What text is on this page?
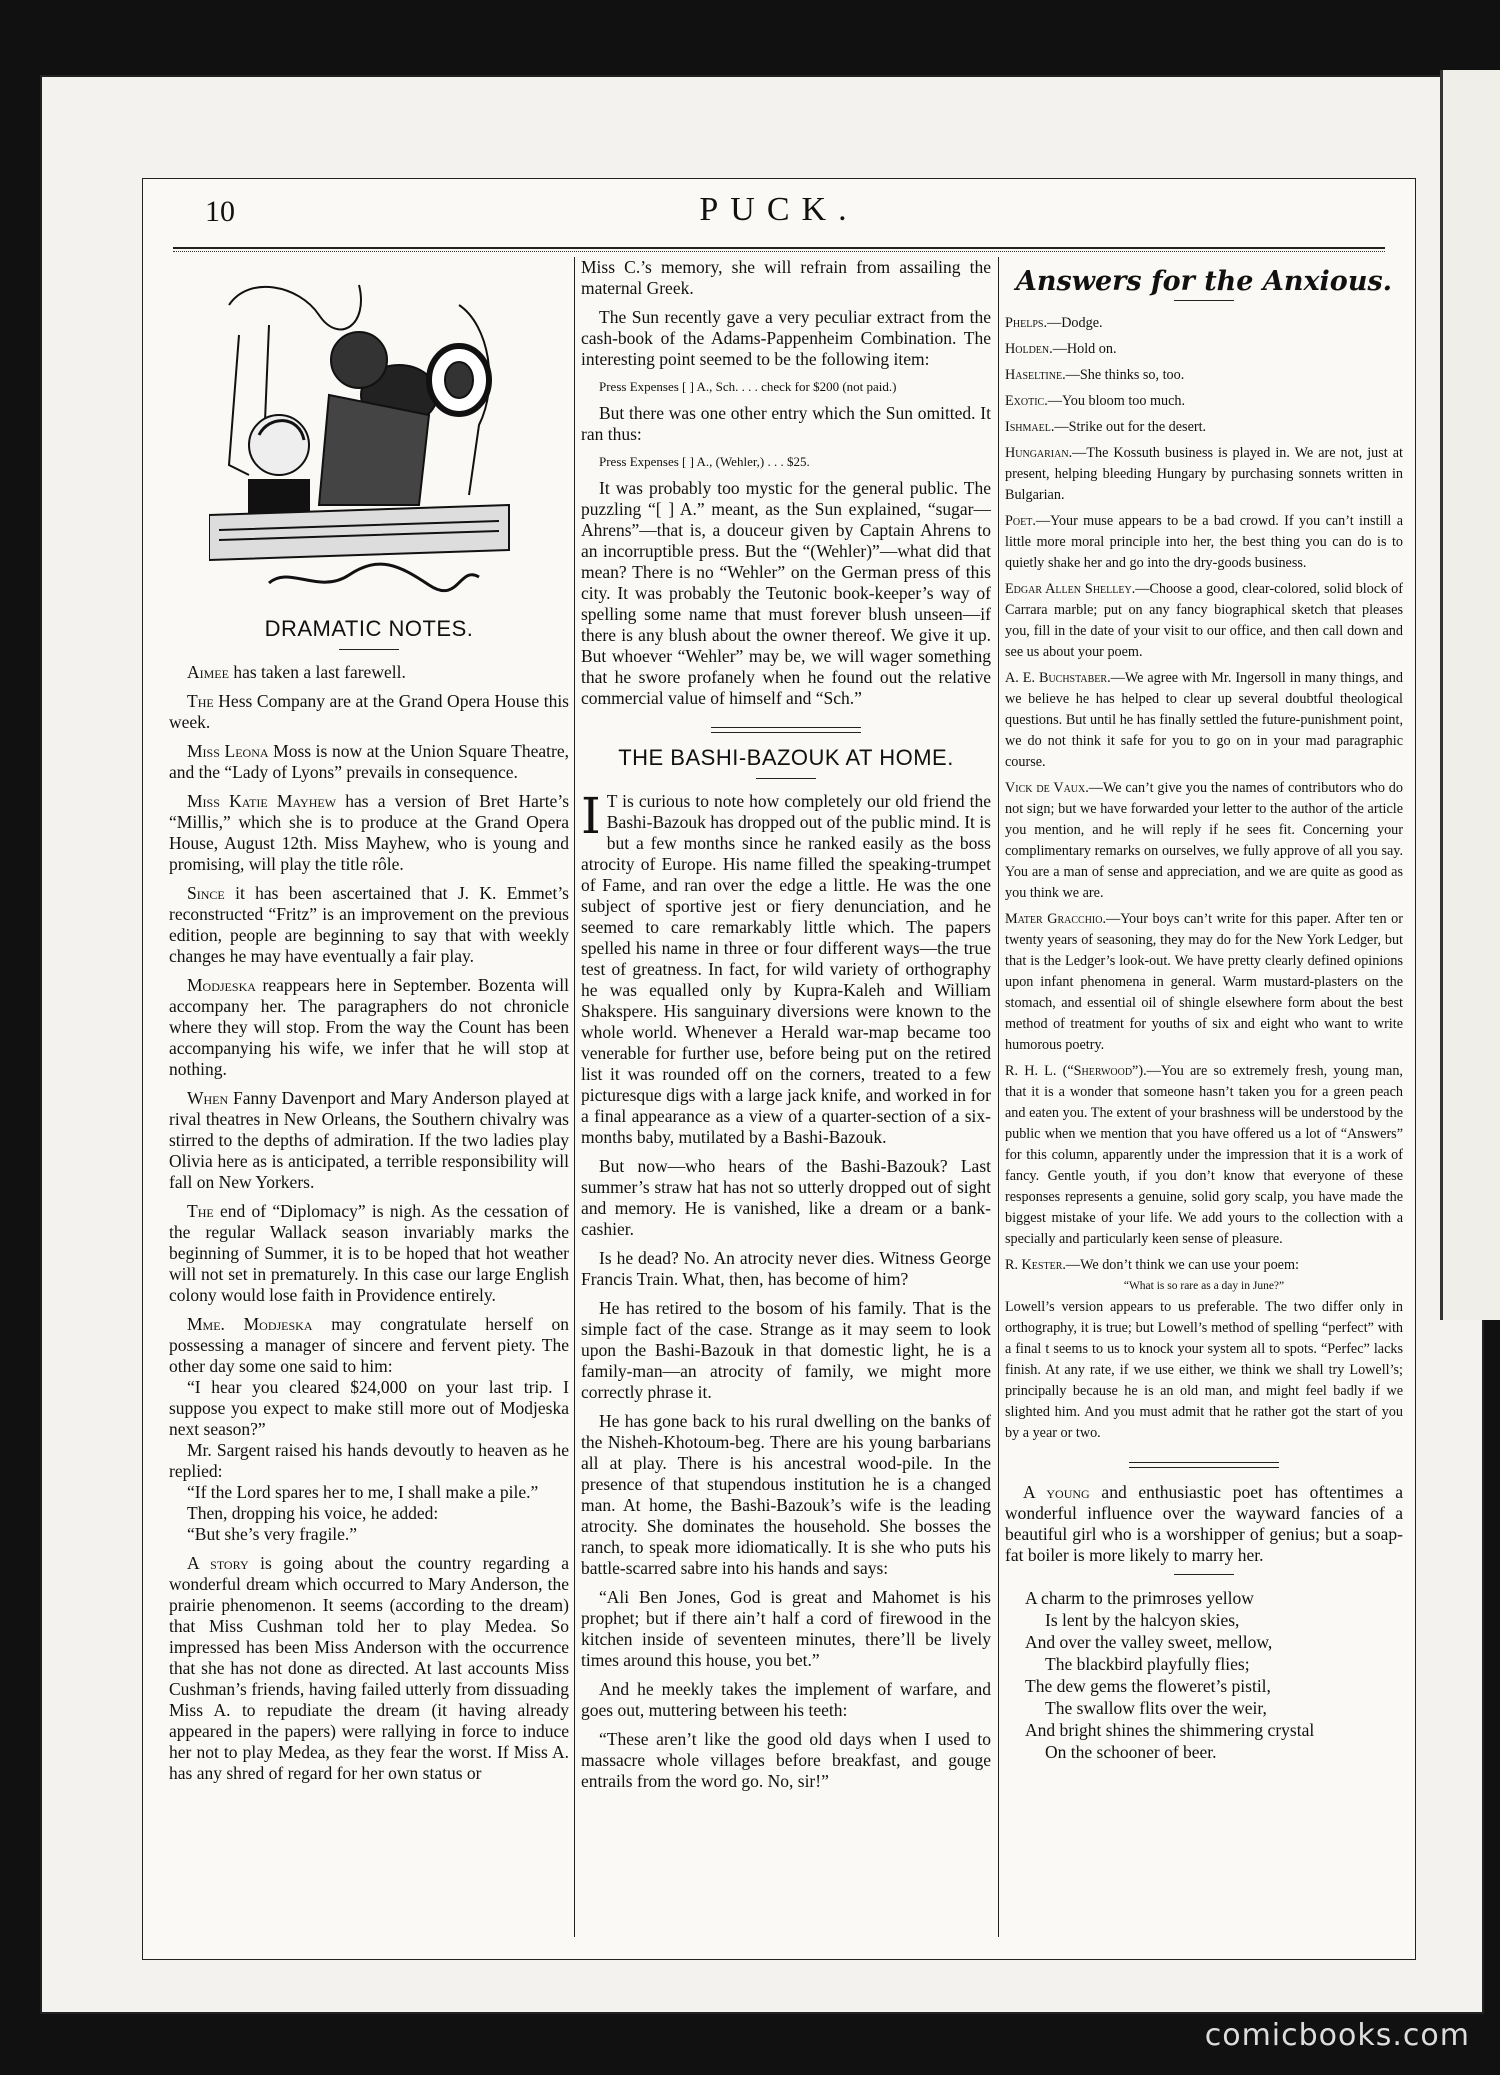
10	PUCK.
DRAMATIC NOTES.

Aimee has taken a last farewell.

The Hess Company are at the Grand Opera House this week.

Miss Leona Moss is now at the Union Square Theatre, and the “Lady of Lyons” prevails in consequence.

Miss Katie Mayhew has a version of Bret Harte’s “Millis,” which she is to produce at the Grand Opera House, August 12th. Miss Mayhew, who is young and promising, will play the title rôle.

Since it has been ascertained that J. K. Emmet’s reconstructed “Fritz” is an improvement on the previous edition, people are beginning to say that with weekly changes he may have eventually a fair play.

Modjeska reappears here in September. Bozenta will accompany her. The paragraphers do not chronicle where they will stop. From the way the Count has been accompanying his wife, we infer that he will stop at nothing.

When Fanny Davenport and Mary Anderson played at rival theatres in New Orleans, the Southern chivalry was stirred to the depths of admiration. If the two ladies play Olivia here as is anticipated, a terrible responsibility will fall on New Yorkers.

The end of “Diplomacy” is nigh. As the cessation of the regular Wallack season invariably marks the beginning of Summer, it is to be hoped that hot weather will not set in prematurely. In this case our large English colony would lose faith in Providence entirely.

Mme. Modjeska may congratulate herself on possessing a manager of sincere and fervent piety. The other day some one said to him:

“I hear you cleared $24,000 on your last trip. I suppose you expect to make still more out of Modjeska next season?”

Mr. Sargent raised his hands devoutly to heaven as he replied:

“If the Lord spares her to me, I shall make a pile.”

Then, dropping his voice, he added:

“But she’s very fragile.”

A story is going about the country regarding a wonderful dream which occurred to Mary Anderson, the prairie phenomenon. It seems (according to the dream) that Miss Cushman told her to play Medea. So impressed has been Miss Anderson with the occurrence that she has not done as directed. At last accounts Miss Cushman’s friends, having failed utterly from dissuading Miss A. to repudiate the dream (it having already appeared in the papers) were rallying in force to induce her not to play Medea, as they fear the worst. If Miss A. has any shred of regard for her own status or

Miss C.’s memory, she will refrain from assailing the maternal Greek.

The Sun recently gave a very peculiar extract from the cash-book of the Adams-Pappenheim Combination. The interesting point seemed to be the following item:

Press Expenses [ ] A., Sch. . . . check for $200 (not paid.)

But there was one other entry which the Sun omitted. It ran thus:

Press Expenses [ ] A., (Wehler,) . . . $25.

It was probably too mystic for the general public. The puzzling “[ ] A.” meant, as the Sun explained, “sugar—Ahrens”—that is, a douceur given by Captain Ahrens to an incorruptible press. But the “(Wehler)”—what did that mean? There is no “Wehler” on the German press of this city. It was probably the Teutonic book-keeper’s way of spelling some name that must forever blush unseen—if there is any blush about the owner thereof. We give it up. But whoever “Wehler” may be, we will wager something that he swore profanely when he found out the relative commercial value of himself and “Sch.”

THE BASHI-BAZOUK AT HOME.

I T is curious to note how completely our old friend the Bashi-Bazouk has dropped out of the public mind. It is but a few months since he ranked easily as the boss atrocity of Europe. His name filled the speaking-trumpet of Fame, and ran over the edge a little. He was the one subject of sportive jest or fiery denunciation, and he seemed to care remarkably little which. The papers spelled his name in three or four different ways—the true test of greatness. In fact, for wild variety of orthography he was equalled only by Kupra-Kaleh and William Shakspere. His sanguinary diversions were known to the whole world. Whenever a Herald war-map became too venerable for further use, before being put on the retired list it was rounded off on the corners, treated to a few picturesque digs with a large jack knife, and worked in for a final appearance as a view of a quarter-section of a six-months baby, mutilated by a Bashi-Bazouk.

But now—who hears of the Bashi-Bazouk? Last summer’s straw hat has not so utterly dropped out of sight and memory. He is vanished, like a dream or a bank-cashier.

Is he dead? No. An atrocity never dies. Witness George Francis Train. What, then, has become of him?

He has retired to the bosom of his family. That is the simple fact of the case. Strange as it may seem to look upon the Bashi-Bazouk in that domestic light, he is a family-man—an atrocity of family, we might more correctly phrase it.

He has gone back to his rural dwelling on the banks of the Nisheh-Khotoum-beg. There are his young barbarians all at play. There is his ancestral wood-pile. In the presence of that stupendous institution he is a changed man. At home, the Bashi-Bazouk’s wife is the leading atrocity. She dominates the household. She bosses the ranch, to speak more idiomatically. It is she who puts his battle-scarred sabre into his hands and says:

“Ali Ben Jones, God is great and Mahomet is his prophet; but if there ain’t half a cord of firewood in the kitchen inside of seventeen minutes, there’ll be lively times around this house, you bet.”

And he meekly takes the implement of warfare, and goes out, muttering between his teeth:

“These aren’t like the good old days when I used to massacre whole villages before breakfast, and gouge entrails from the word go. No, sir!”

Answers for the Anxious.

Phelps.—Dodge.

Holden.—Hold on.

Haseltine.—She thinks so, too.

Exotic.—You bloom too much.

Ishmael.—Strike out for the desert.

Hungarian.—The Kossuth business is played in. We are not, just at present, helping bleeding Hungary by purchasing sonnets written in Bulgarian.

Poet.—Your muse appears to be a bad crowd. If you can’t instill a little more moral principle into her, the best thing you can do is to quietly shake her and go into the dry-goods business.

Edgar Allen Shelley.—Choose a good, clear-colored, solid block of Carrara marble; put on any fancy biographical sketch that pleases you, fill in the date of your visit to our office, and then call down and see us about your poem.

A. E. Buchstaber.—We agree with Mr. Ingersoll in many things, and we believe he has helped to clear up several doubtful theological questions. But until he has finally settled the future-punishment point, we do not think it safe for you to go on in your mad paragraphic course.

Vick de Vaux.—We can’t give you the names of contributors who do not sign; but we have forwarded your letter to the author of the article you mention, and he will reply if he sees fit. Concerning your complimentary remarks on ourselves, we fully approve of all you say. You are a man of sense and appreciation, and we are quite as good as you think we are.

Mater Gracchio.—Your boys can’t write for this paper. After ten or twenty years of seasoning, they may do for the New York Ledger, but that is the Ledger’s look-out. We have pretty clearly defined opinions upon infant phenomena in general. Warm mustard-plasters on the stomach, and essential oil of shingle elsewhere form about the best method of treatment for youths of six and eight who want to write humorous poetry.

R. H. L. (“Sherwood”).—You are so extremely fresh, young man, that it is a wonder that someone hasn’t taken you for a green peach and eaten you. The extent of your brashness will be understood by the public when we mention that you have offered us a lot of “Answers” for this column, apparently under the impression that it is a work of fancy. Gentle youth, if you don’t know that everyone of these responses represents a genuine, solid gory scalp, you have made the biggest mistake of your life. We add yours to the collection with a specially and particularly keen sense of pleasure.

R. Kester.—We don’t think we can use your poem:
“What is so rare as a day in June?”
Lowell’s version appears to us preferable. The two differ only in orthography, it is true; but Lowell’s method of spelling “perfect” with a final t seems to us to knock your system all to spots. “Perfec” lacks finish. At any rate, if we use either, we think we shall try Lowell’s; principally because he is an old man, and might feel badly if we slighted him. And you must admit that he rather got the start of you by a year or two.

A young and enthusiastic poet has oftentimes a wonderful influence over the wayward fancies of a beautiful girl who is a worshipper of genius; but a soap-fat boiler is more likely to marry her.

A charm to the primroses yellow
Is lent by the halcyon skies,
And over the valley sweet, mellow,
The blackbird playfully flies;
The dew gems the floweret’s pistil,
The swallow flits over the weir,
And bright shines the shimmering crystal
On the schooner of beer.
comicbooks.com
